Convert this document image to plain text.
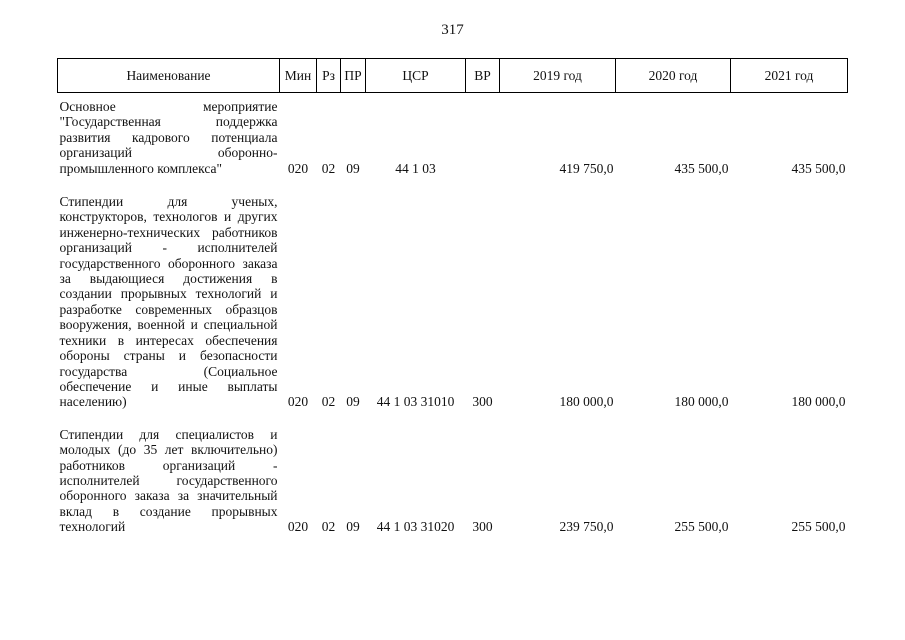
317
Наименование	Мин	Рз	ПР	ЦСР	ВР	2019 год	2020 год	2021 год
Основное мероприятие "Государственная поддержка развития кадрового потенциала организаций оборонно-промышленного комплекса"	020	02	09	44 1 03		419 750,0	435 500,0	435 500,0
Стипендии для ученых, конструкторов, технологов и других инженерно-технических работников организаций - исполнителей государственного оборонного заказа за выдающиеся достижения в создании прорывных технологий и разработке современных образцов вооружения, военной и специальной техники в интересах обеспечения обороны страны и безопасности государства (Социальное обеспечение и иные выплаты населению)	020	02	09	44 1 03 31010	300	180 000,0	180 000,0	180 000,0
Стипендии для специалистов и молодых (до 35 лет включительно) работников организаций - исполнителей государственного оборонного заказа за значительный вклад в создание прорывных технологий	020	02	09	44 1 03 31020	300	239 750,0	255 500,0	255 500,0
